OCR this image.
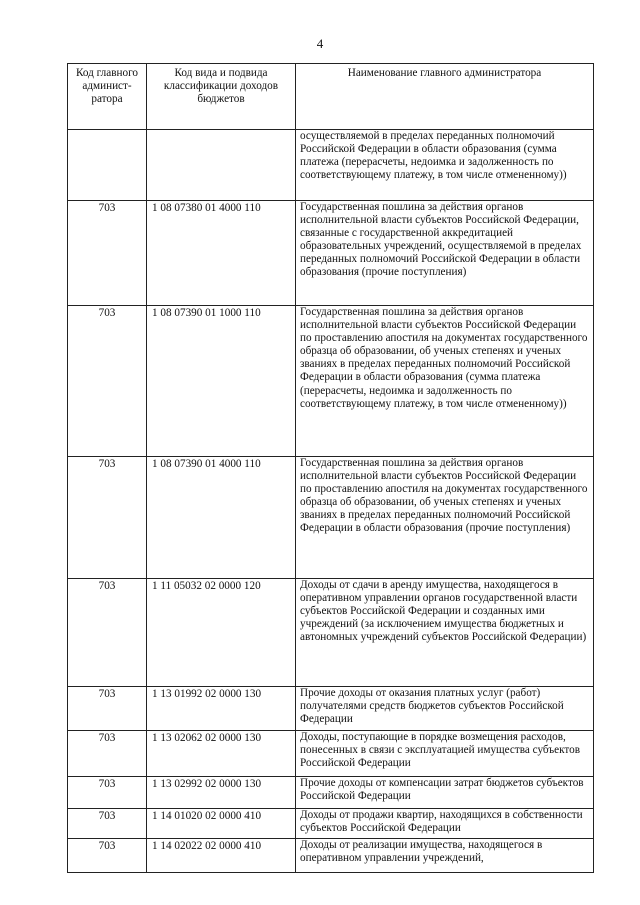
4
Код главного админист-ратора	Код вида и подвида классификации доходов бюджетов	Наименование главного администратора
		осуществляемой в пределах переданных полномочий Российской Федерации в области образования (сумма платежа (перерасчеты, недоимка и задолженность по соответствующему платежу, в том числе отмененному))
703	1 08 07380 01 4000 110	Государственная пошлина за действия органов исполнительной власти субъектов Российской Федерации, связанные с государственной аккредитацией образовательных учреждений, осуществляемой в пределах переданных полномочий Российской Федерации в области образования (прочие поступления)
703	1 08 07390 01 1000 110	Государственная пошлина за действия органов исполнительной власти субъектов Российской Федерации по проставлению апостиля на документах государственного образца об образовании, об ученых степенях и ученых званиях в пределах переданных полномочий Российской Федерации в области образования (сумма платежа (перерасчеты, недоимка и задолженность по соответствующему платежу, в том числе отмененному))
703	1 08 07390 01 4000 110	Государственная пошлина за действия органов исполнительной власти субъектов Российской Федерации по проставлению апостиля на документах государственного образца об образовании, об ученых степенях и ученых званиях в пределах переданных полномочий Российской Федерации в области образования (прочие поступления)
703	1 11 05032 02 0000 120	Доходы от сдачи в аренду имущества, находящегося в оперативном управлении органов государственной власти субъектов Российской Федерации и созданных ими учреждений (за исключением имущества бюджетных и автономных учреждений субъектов Российской Федерации)
703	1 13 01992 02 0000 130	Прочие доходы от оказания платных услуг (работ) получателями средств бюджетов субъектов Российской Федерации
703	1 13 02062 02 0000 130	Доходы, поступающие в порядке возмещения расходов, понесенных в связи с эксплуатацией имущества субъектов Российской Федерации
703	1 13 02992 02 0000 130	Прочие доходы от компенсации затрат бюджетов субъектов Российской Федерации
703	1 14 01020 02 0000 410	Доходы от продажи квартир, находящихся в собственности субъектов Российской Федерации
703	1 14 02022 02 0000 410	Доходы от реализации имущества, находящегося в оперативном управлении учреждений,
